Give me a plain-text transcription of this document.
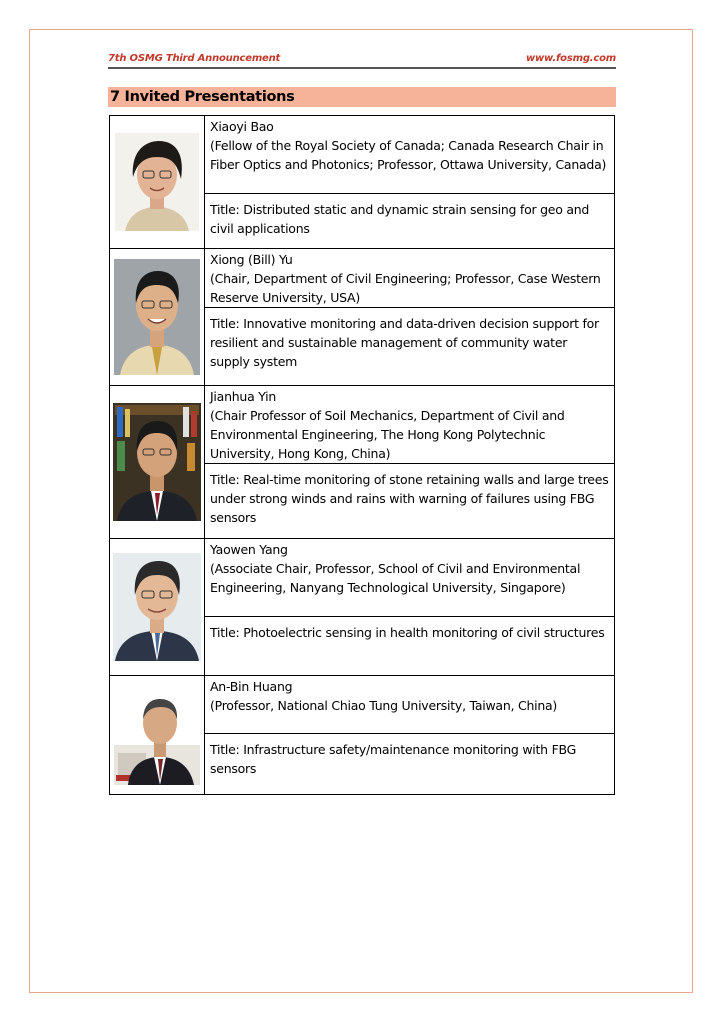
7th OSMG Third Announcement	www.fosmg.com
7 Invited Presentations

Xiaoyi Bao
(Fellow of the Royal Society of Canada; Canada Research Chair in Fiber Optics and Photonics; Professor, Ottawa University, Canada)

	Title: Distributed static and dynamic strain sensing for geo and civil applications

Xiong (Bill) Yu
(Chair, Department of Civil Engineering; Professor, Case Western Reserve University, USA)

	Title: Innovative monitoring and data-driven decision support for resilient and sustainable management of community water supply system

Jianhua Yin
(Chair Professor of Soil Mechanics, Department of Civil and Environmental Engineering, The Hong Kong Polytechnic University, Hong Kong, China)

	Title: Real-time monitoring of stone retaining walls and large trees under strong winds and rains with warning of failures using FBG sensors

Yaowen Yang
(Associate Chair, Professor, School of Civil and Environmental Engineering, Nanyang Technological University, Singapore)

	Title: Photoelectric sensing in health monitoring of civil structures

An-Bin Huang
(Professor, National Chiao Tung University, Taiwan, China)

	Title: Infrastructure safety/maintenance monitoring with FBG sensors
